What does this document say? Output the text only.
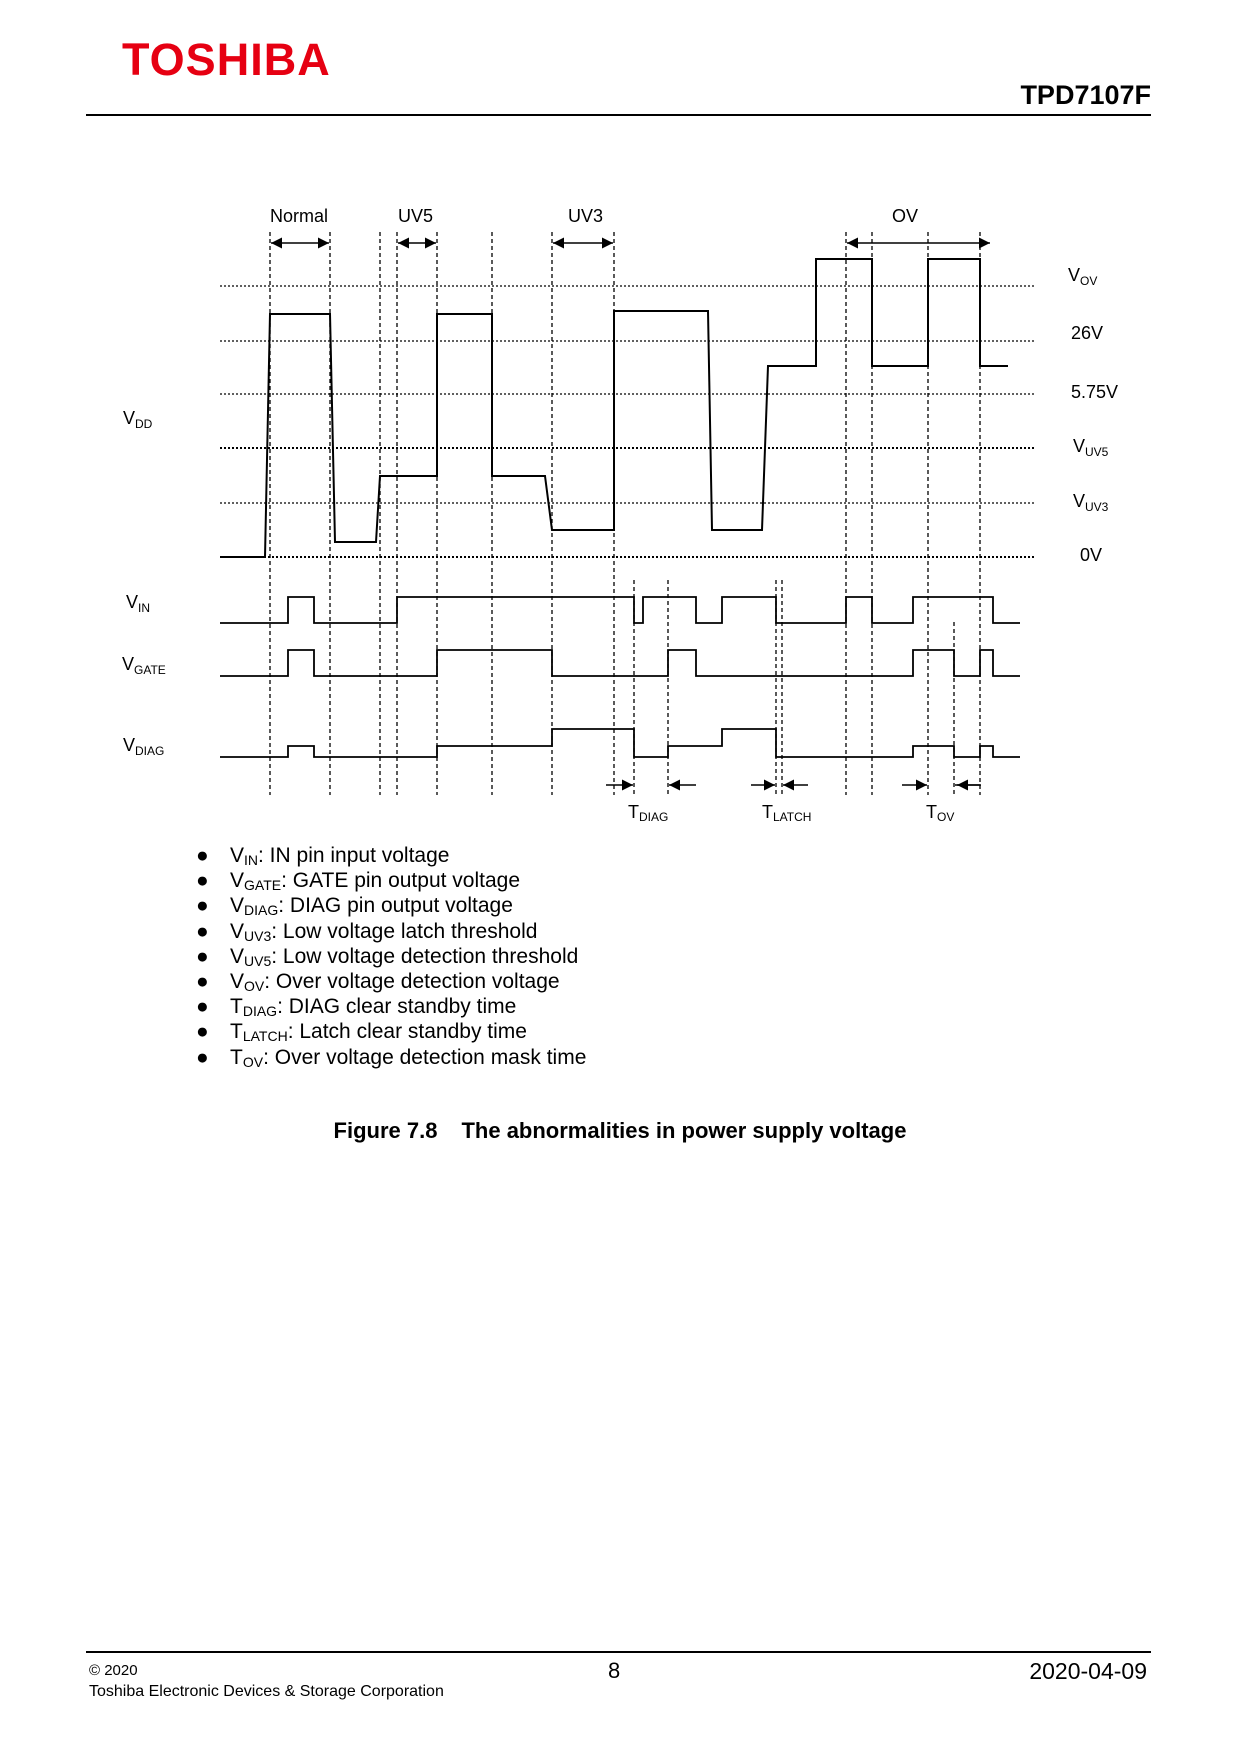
TOSHIBA
TPD7107F
Normal	UV5	UV3	OV
$V_{OV}$
26V
5.75V
$V_{UV5}$
$V_{UV3}$
0V
$V_{DD}$
$V_{IN}$
$V_{GATE}$
$V_{DIAG}$
TDIAG	TLATCH	TOV
● $V_{IN}$: IN pin input voltage
● $V_{GATE}$: GATE pin output voltage
● $V_{DIAG}$: DIAG pin output voltage
● $V_{UV3}$: Low voltage latch threshold
● $V_{UV5}$: Low voltage detection threshold
● $V_{OV}$: Over voltage detection voltage
● $T_{DIAG}$: DIAG clear standby time
● $T_{LATCH}$: Latch clear standby time
● $T_{OV}$: Over voltage detection mask time
Figure 7.8 The abnormalities in power supply voltage
© 2020
Toshiba Electronic Devices & Storage Corporation
8	2020-04-09
